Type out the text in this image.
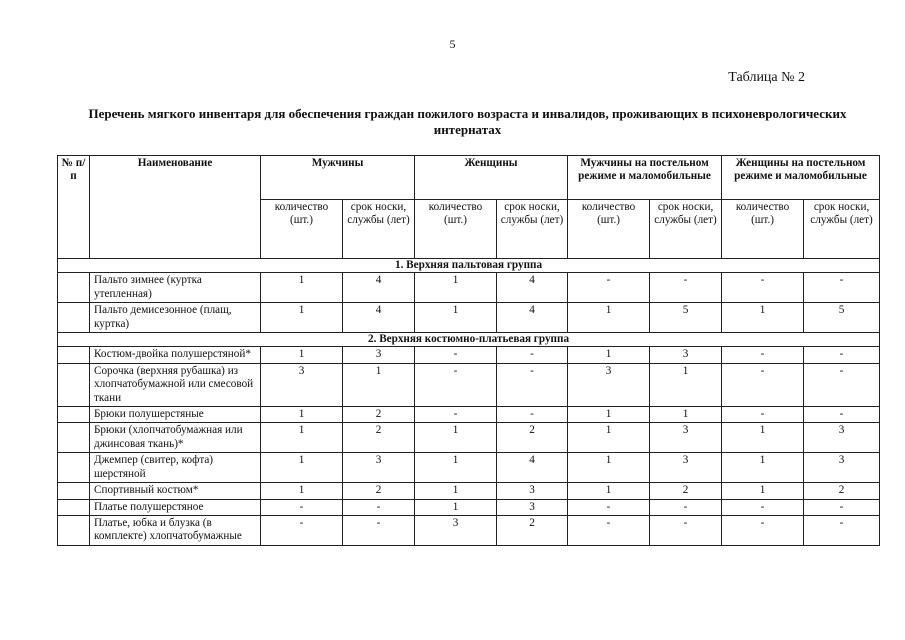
5
Таблица № 2
Перечень мягкого инвентаря для обеспечения граждан пожилого возраста и инвалидов, проживающих в психоневрологических интернатах
№ п/п	Наименование	Мужчины		Женщины		Мужчины на постельном режиме и маломобильные		Женщины на постельном режиме и маломобильные	
		количество (шт.)	срок носки, службы (лет)	количество (шт.)	срок носки, службы (лет)	количество (шт.)	срок носки, службы (лет)	количество (шт.)	срок носки, службы (лет)
1. Верхняя пальтовая группа									
	Пальто зимнее (куртка утепленная)	1	4	1	4	-	-	-	-
	Пальто демисезонное (плащ, куртка)	1	4	1	4	1	5	1	5
2. Верхняя костюмно-платьевая группа									
	Костюм-двойка полушерстяной*	1	3	-	-	1	3	-	-
	Сорочка (верхняя рубашка) из хлопчатобумажной или смесовой ткани	3	1	-	-	3	1	-	-
	Брюки полушерстяные	1	2	-	-	1	1	-	-
	Брюки (хлопчатобумажная или джинсовая ткань)*	1	2	1	2	1	3	1	3
	Джемпер (свитер, кофта) шерстяной	1	3	1	4	1	3	1	3
	Спортивный костюм*	1	2	1	3	1	2	1	2
	Платье полушерстяное	-	-	1	3	-	-	-	-
	Платье, юбка и блузка (в комплекте) хлопчатобумажные	-	-	3	2	-	-	-	-
